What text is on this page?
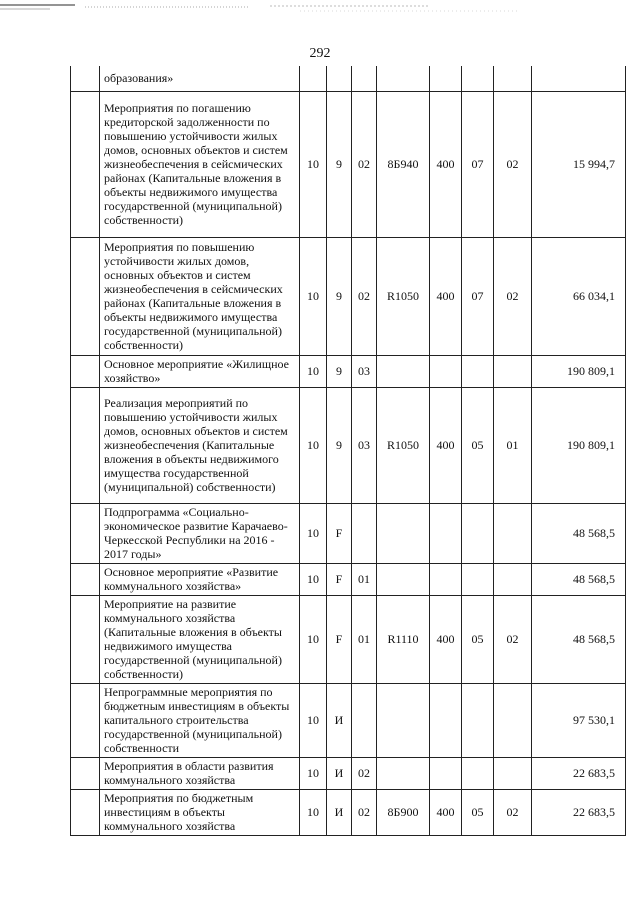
292
	образования»								
	Мероприятия по погашению кредиторской задолженности по повышению устойчивости жилых домов, основных объектов и систем жизнеобеспечения в сейсмических районах (Капитальные вложения в объекты недвижимого имущества государственной (муниципальной) собственности)	10	9	02	8Б940	400	07	02	15 994,7
	Мероприятия по повышению устойчивости жилых домов, основных объектов и систем жизнеобеспечения в сейсмических районах (Капитальные вложения в объекты недвижимого имущества государственной (муниципальной) собственности)	10	9	02	R1050	400	07	02	66 034,1
	Основное мероприятие «Жилищное хозяйство»	10	9	03					190 809,1
	Реализация мероприятий по повышению устойчивости жилых домов, основных объектов и систем жизнеобеспечения (Капитальные вложения в объекты недвижимого имущества государственной (муниципальной) собственности)	10	9	03	R1050	400	05	01	190 809,1
	Подпрограмма «Социально-экономическое развитие Карачаево-Черкесской Республики на 2016 - 2017 годы»	10	F						48 568,5
	Основное мероприятие «Развитие коммунального хозяйства»	10	F	01					48 568,5
	Мероприятие на развитие коммунального хозяйства (Капитальные вложения в объекты недвижимого имущества государственной (муниципальной) собственности)	10	F	01	R1110	400	05	02	48 568,5
	Непрограммные мероприятия по бюджетным инвестициям в объекты капитального строительства государственной (муниципальной) собственности	10	И						97 530,1
	Мероприятия в области развития коммунального хозяйства	10	И	02					22 683,5
	Мероприятия по бюджетным инвестициям в объекты коммунального хозяйства	10	И	02	8Б900	400	05	02	22 683,5
